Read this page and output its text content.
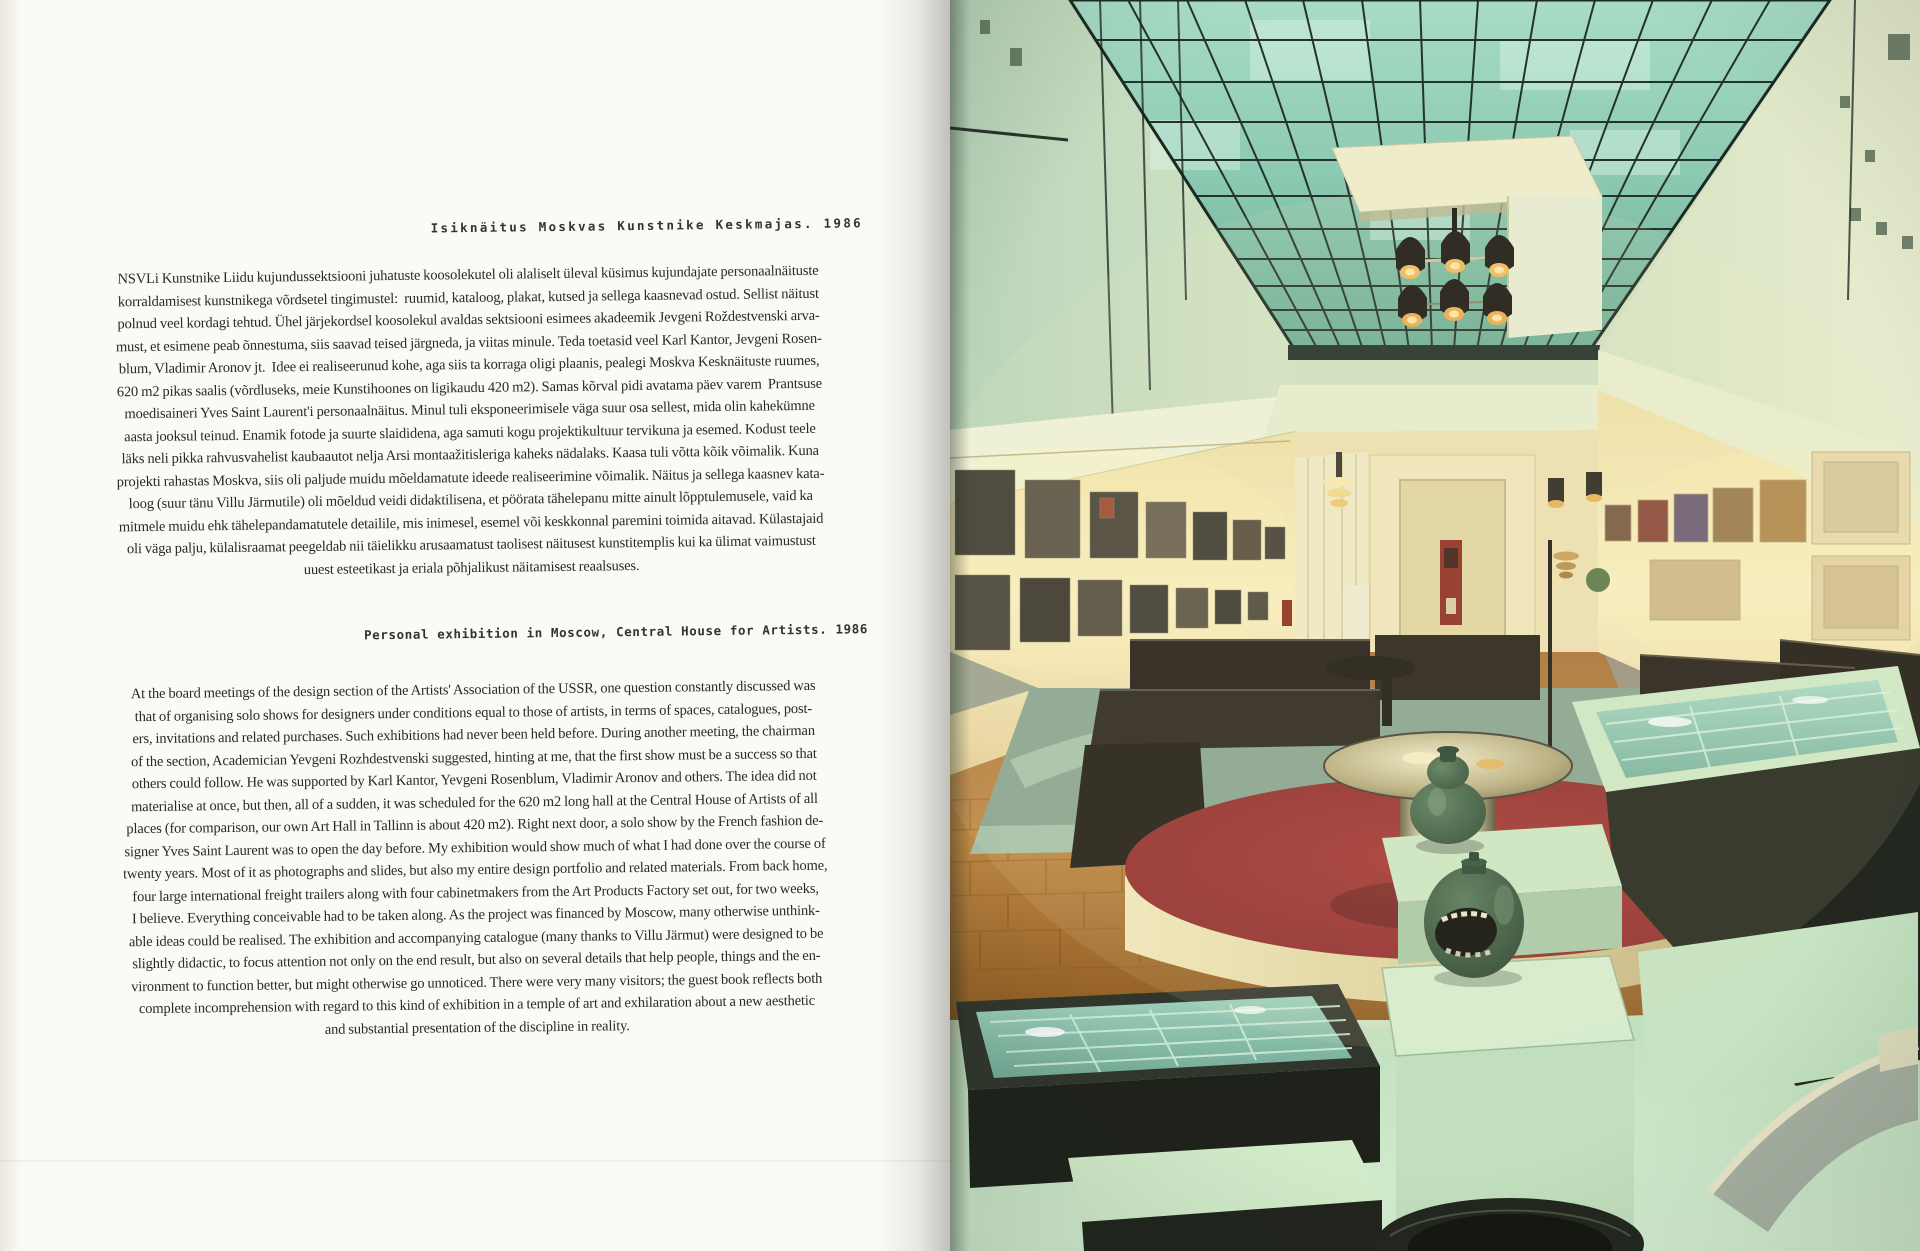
Isiknäitus Moskvas Kunstnike Keskmajas. 1986

NSVLi Kunstnike Liidu kujundussektsiooni juhatuste koosolekutel oli alaliselt üleval küsimus kujundajate personaalnäituste
korraldamisest kunstnikega võrdsetel tingimustel:  ruumid, kataloog, plakat, kutsed ja sellega kaasnevad ostud. Sellist näitust
polnud veel kordagi tehtud. Ühel järjekordsel koosolekul avaldas sektsiooni esimees akadeemik Jevgeni Roždestvenski arva-
must, et esimene peab õnnestuma, siis saavad teised järgneda, ja viitas minule. Teda toetasid veel Karl Kantor, Jevgeni Rosen-
blum, Vladimir Aronov jt.  Idee ei realiseerunud kohe, aga siis ta korraga oligi plaanis, pealegi Moskva Kesknäituste ruumes,
620 m2 pikas saalis (võrdluseks, meie Kunstihoones on ligikaudu 420 m2). Samas kõrval pidi avatama päev varem  Prantsuse
moedisaineri Yves Saint Laurent'i personaalnäitus. Minul tuli eksponeerimisele väga suur osa sellest, mida olin kahekümne
aasta jooksul teinud. Enamik fotode ja suurte slaididena, aga samuti kogu projektikultuur tervikuna ja esemed. Kodust teele
läks neli pikka rahvusvahelist kaubaautot nelja Arsi montaažitisleriga kaheks nädalaks. Kaasa tuli võtta kõik võimalik. Kuna
projekti rahastas Moskva, siis oli paljude muidu mõeldamatute ideede realiseerimine võimalik. Näitus ja sellega kaasnev kata-
loog (suur tänu Villu Järmutile) oli mõeldud veidi didaktilisena, et pöörata tähelepanu mitte ainult lõpptulemusele, vaid ka
mitmele muidu ehk tähelepandamatutele detailile, mis inimesel, esemel või keskkonnal paremini toimida aitavad. Külastajaid
oli väga palju, külalisraamat peegeldab nii täielikku arusaamatust taolisest näitusest kunstitemplis kui ka ülimat vaimustust
uuest esteetikast ja eriala põhjalikust näitamisest reaalsuses.

Personal exhibition in Moscow, Central House for Artists. 1986

At the board meetings of the design section of the Artists' Association of the USSR, one question constantly discussed was
that of organising solo shows for designers under conditions equal to those of artists, in terms of spaces, catalogues, post-
ers, invitations and related purchases. Such exhibitions had never been held before. During another meeting, the chairman
of the section, Academician Yevgeni Rozhdestvenski suggested, hinting at me, that the first show must be a success so that
others could follow. He was supported by Karl Kantor, Yevgeni Rosenblum, Vladimir Aronov and others. The idea did not
materialise at once, but then, all of a sudden, it was scheduled for the 620 m2 long hall at the Central House of Artists of all
places (for comparison, our own Art Hall in Tallinn is about 420 m2). Right next door, a solo show by the French fashion de-
signer Yves Saint Laurent was to open the day before. My exhibition would show much of what I had done over the course of
twenty years. Most of it as photographs and slides, but also my entire design portfolio and related materials. From back home,
four large international freight trailers along with four cabinetmakers from the Art Products Factory set out, for two weeks,
I believe. Everything conceivable had to be taken along. As the project was financed by Moscow, many otherwise unthink-
able ideas could be realised. The exhibition and accompanying catalogue (many thanks to Villu Järmut) were designed to be
slightly didactic, to focus attention not only on the end result, but also on several details that help people, things and the en-
vironment to function better, but might otherwise go unnoticed. There were very many visitors; the guest book reflects both
complete incomprehension with regard to this kind of exhibition in a temple of art and exhilaration about a new aesthetic
and substantial presentation of the discipline in reality.
